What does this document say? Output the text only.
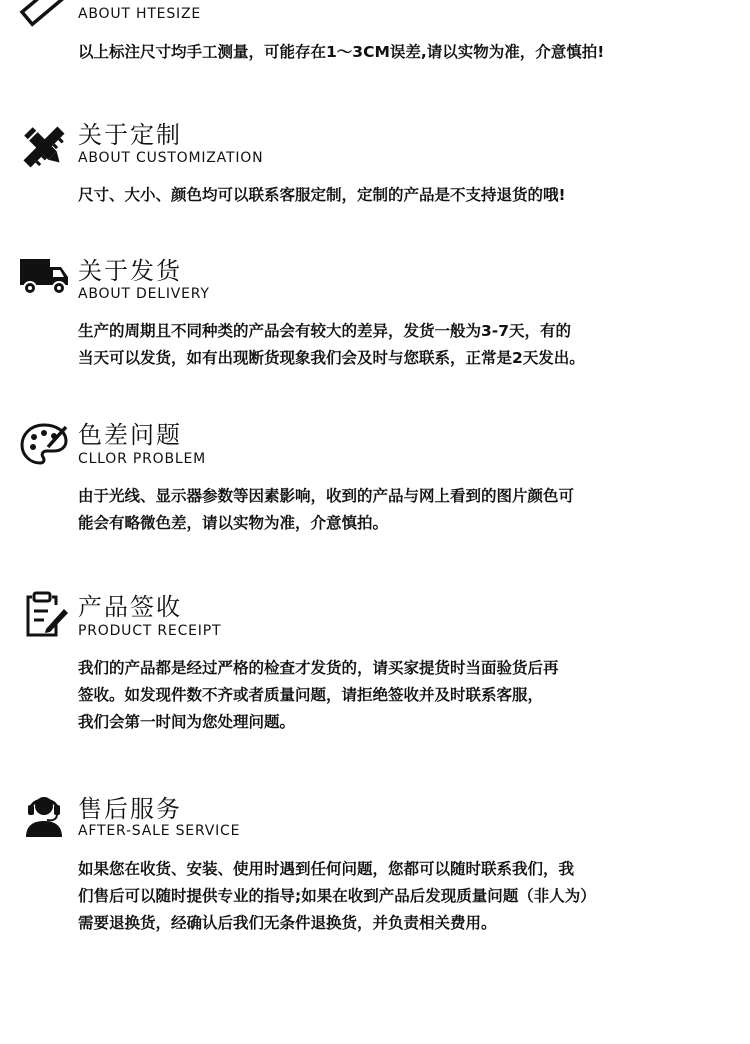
ABOUT HTESIZE

以上标注尺寸均手工测量，可能存在1～3CM误差,请以实物为准，介意慎拍!

关于定制
ABOUT CUSTOMIZATION

尺寸、大小、颜色均可以联系客服定制，定制的产品是不支持退货的哦!

关于发货
ABOUT DELIVERY

生产的周期且不同种类的产品会有较大的差异，发货一般为3-7天，有的

当天可以发货，如有出现断货现象我们会及时与您联系，正常是2天发出。

色差问题
CLLOR PROBLEM

由于光线、显示器参数等因素影响，收到的产品与网上看到的图片颜色可

能会有略微色差，请以实物为准，介意慎拍。

产品签收
PRODUCT RECEIPT

我们的产品都是经过严格的检查才发货的，请买家提货时当面验货后再

签收。如发现件数不齐或者质量问题，请拒绝签收并及时联系客服，

我们会第一时间为您处理问题。

售后服务
AFTER-SALE SERVICE

如果您在收货、安装、使用时遇到任何问题，您都可以随时联系我们，我

们售后可以随时提供专业的指导;如果在收到产品后发现质量问题（非人为）

需要退换货，经确认后我们无条件退换货，并负责相关费用。
